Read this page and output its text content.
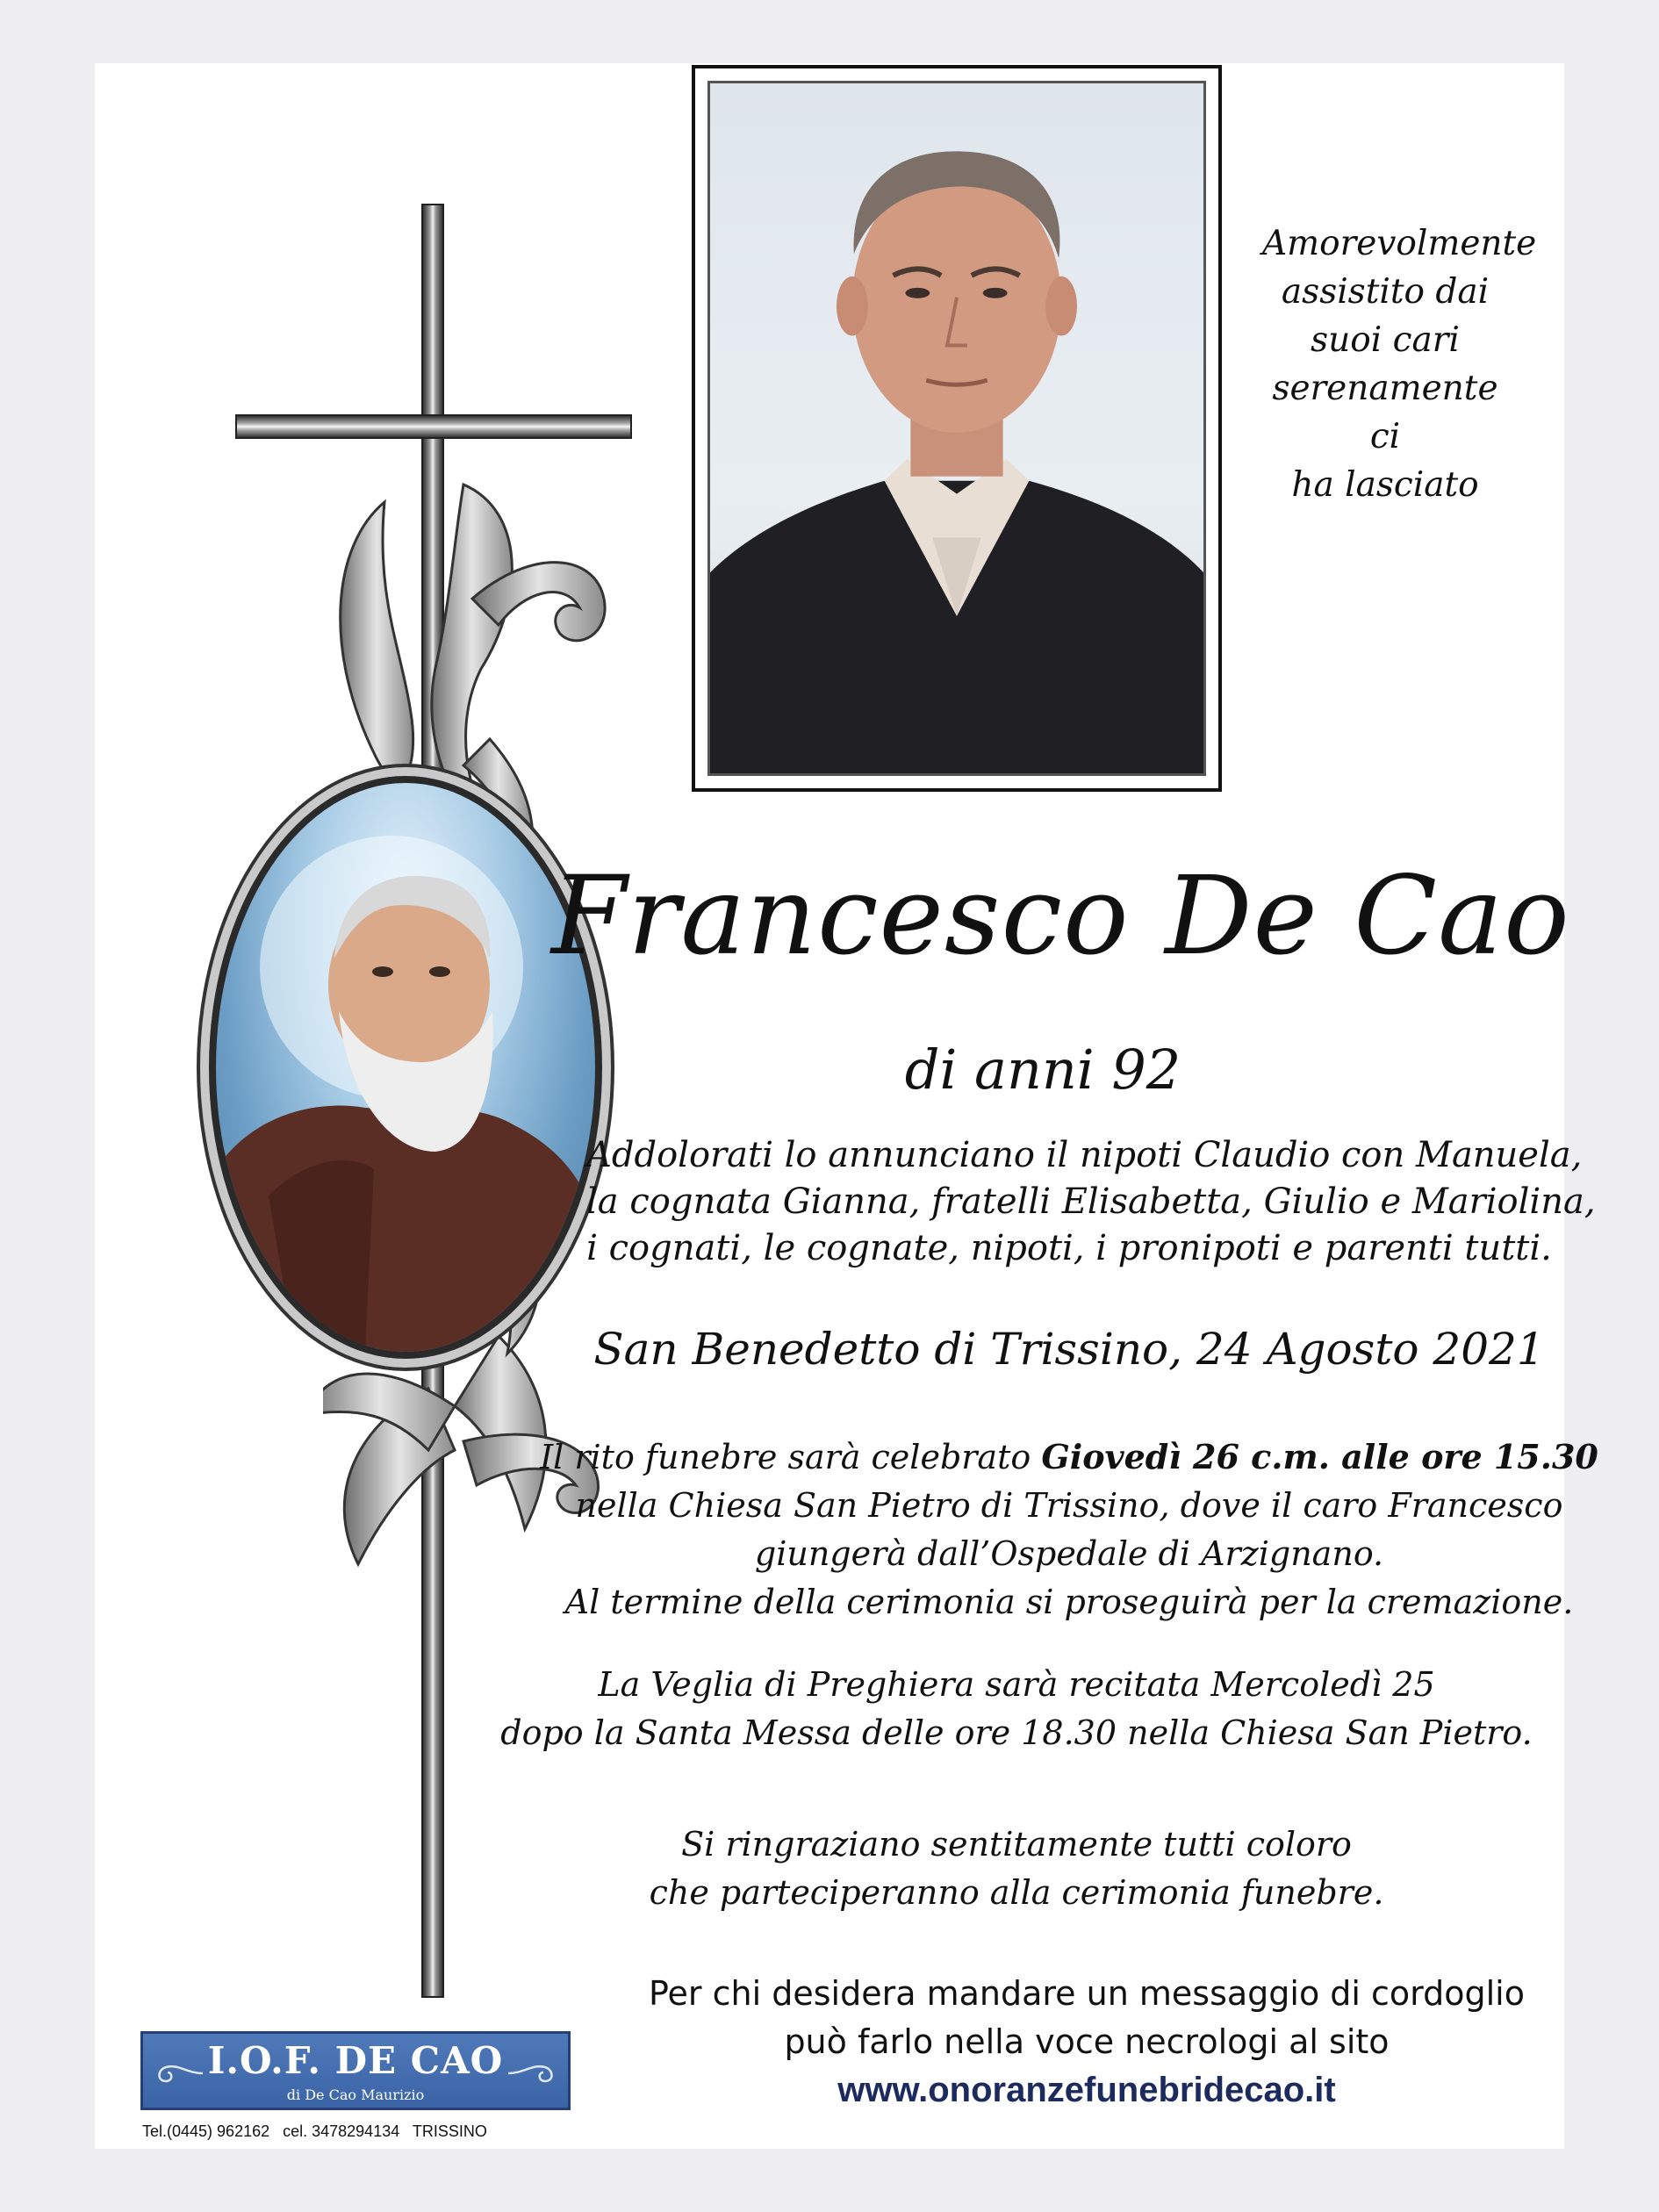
Amorevolmente
assistito dai
suoi cari
serenamente ci
ha lasciato
Francesco De Cao
di anni 92
Addolorati lo annunciano il nipoti Claudio con Manuela,
la cognata Gianna, fratelli Elisabetta, Giulio e Mariolina,
i cognati, le cognate, nipoti, i pronipoti e parenti tutti.
San Benedetto di Trissino, 24 Agosto 2021
Il rito funebre sarà celebrato Giovedì 26 c.m. alle ore 15.30
nella Chiesa San Pietro di Trissino, dove il caro Francesco
giungerà dall’Ospedale di Arzignano.
Al termine della cerimonia si proseguirà per la cremazione.
La Veglia di Preghiera sarà recitata Mercoledì 25
dopo la Santa Messa delle ore 18.30 nella Chiesa San Pietro.
Si ringraziano sentitamente tutti coloro
che parteciperanno alla cerimonia funebre.
Per chi desidera mandare un messaggio di cordoglio
può farlo nella voce necrologi al sito
www.onoranzefunebridecao.it
I.O.F. DE CAO
di De Cao Maurizio
Tel.(0445) 962162   cel. 3478294134   TRISSINO
